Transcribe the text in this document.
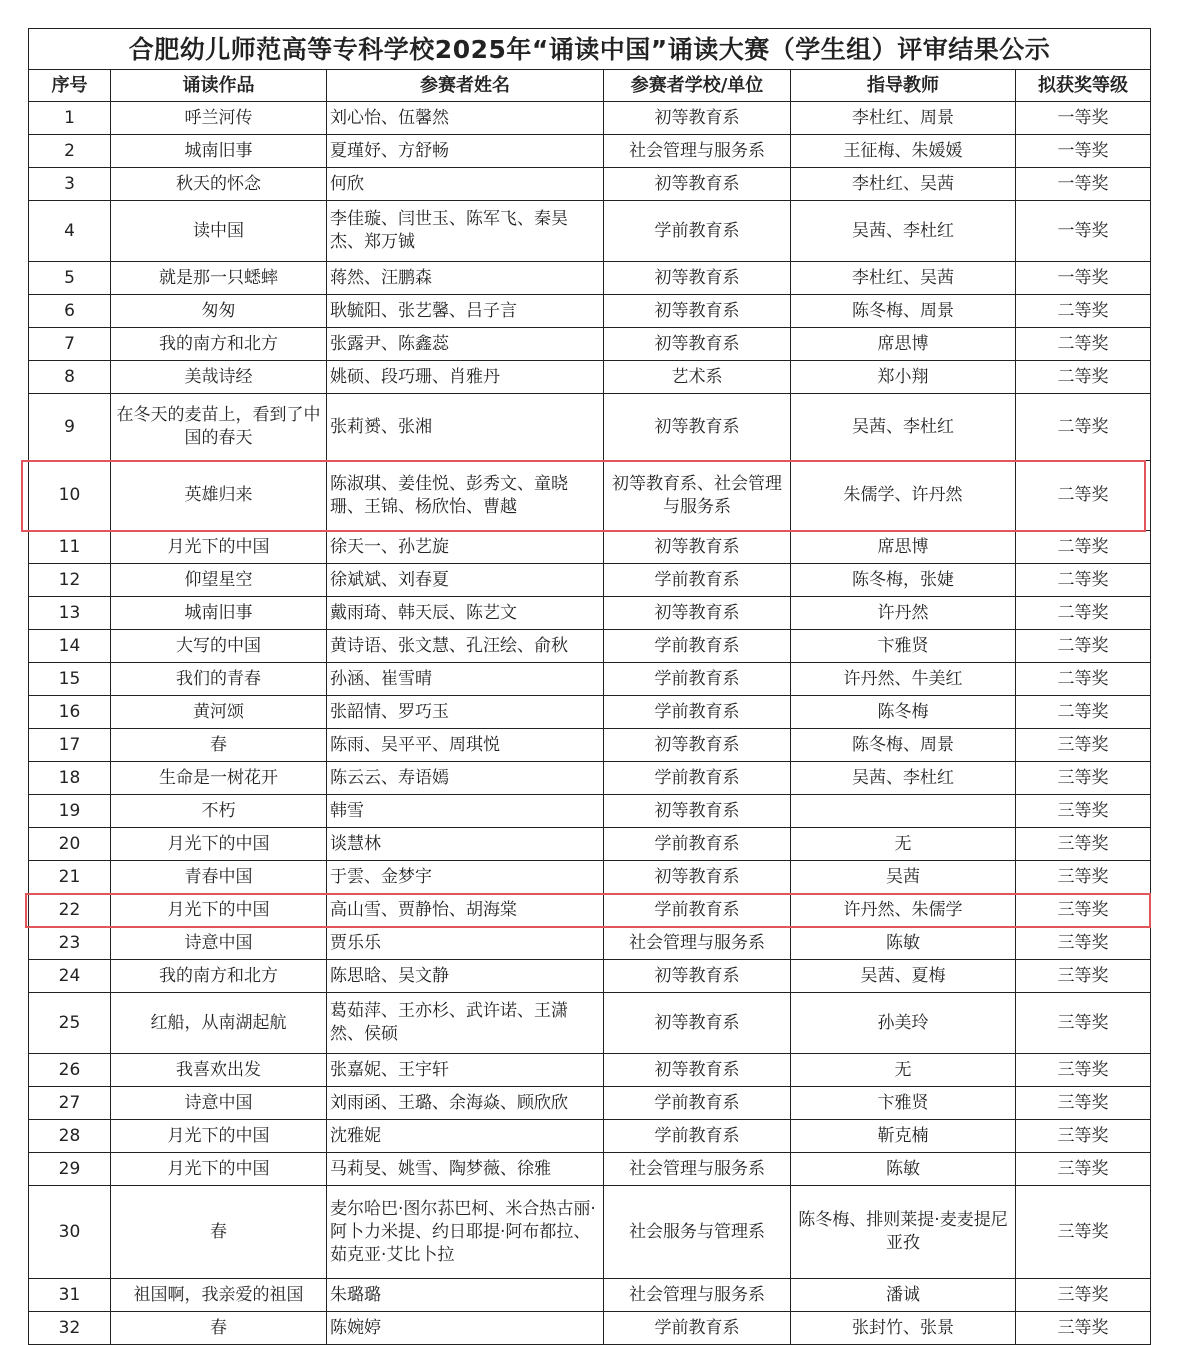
合肥幼儿师范高等专科学校2025年“诵读中国”诵读大赛（学生组）评审结果公示					
序号	诵读作品	参赛者姓名	参赛者学校/单位	指导教师	拟获奖等级
1	呼兰河传	刘心怡、伍馨然	初等教育系	李杜红、周景	一等奖
2	城南旧事	夏瑾妤、方舒畅	社会管理与服务系	王征梅、朱媛媛	一等奖
3	秋天的怀念	何欣	初等教育系	李杜红、吴茜	一等奖
4	读中国	李佳璇、闫世玉、陈军飞、秦昊杰、郑万铖	学前教育系	吴茜、李杜红	一等奖
5	就是那一只蟋蟀	蒋然、汪鹏森	初等教育系	李杜红、吴茜	一等奖
6	匆匆	耿毓阳、张艺馨、吕子言	初等教育系	陈冬梅、周景	二等奖
7	我的南方和北方	张露尹、陈鑫蕊	初等教育系	席思博	二等奖
8	美哉诗经	姚硕、段巧珊、肖雅丹	艺术系	郑小翔	二等奖
9	在冬天的麦苗上，看到了中国的春天	张莉赟、张湘	初等教育系	吴茜、李杜红	二等奖
10	英雄归来	陈淑琪、姜佳悦、彭秀文、童晓珊、王锦、杨欣怡、曹越	初等教育系、社会管理与服务系	朱儒学、许丹然	二等奖
11	月光下的中国	徐天一、孙艺旋	初等教育系	席思博	二等奖
12	仰望星空	徐斌斌、刘春夏	学前教育系	陈冬梅，张婕	二等奖
13	城南旧事	戴雨琦、韩天辰、陈艺文	初等教育系	许丹然	二等奖
14	大写的中国	黄诗语、张文慧、孔汪绘、俞秋	学前教育系	卞雅贤	二等奖
15	我们的青春	孙涵、崔雪晴	学前教育系	许丹然、牛美红	二等奖
16	黄河颂	张韶情、罗巧玉	学前教育系	陈冬梅	二等奖
17	春	陈雨、吴平平、周琪悦	初等教育系	陈冬梅、周景	三等奖
18	生命是一树花开	陈云云、寿语嫣	学前教育系	吴茜、李杜红	三等奖
19	不朽	韩雪	初等教育系		三等奖
20	月光下的中国	谈慧林	学前教育系	无	三等奖
21	青春中国	于雲、金梦宇	初等教育系	吴茜	三等奖
22	月光下的中国	高山雪、贾静怡、胡海棠	学前教育系	许丹然、朱儒学	三等奖
23	诗意中国	贾乐乐	社会管理与服务系	陈敏	三等奖
24	我的南方和北方	陈思晗、吴文静	初等教育系	吴茜、夏梅	三等奖
25	红船，从南湖起航	葛茹萍、王亦杉、武许诺、王潇然、侯硕	初等教育系	孙美玲	三等奖
26	我喜欢出发	张嘉妮、王宇轩	初等教育系	无	三等奖
27	诗意中国	刘雨函、王璐、余海焱、顾欣欣	学前教育系	卞雅贤	三等奖
28	月光下的中国	沈雅妮	学前教育系	靳克楠	三等奖
29	月光下的中国	马莉旻、姚雪、陶梦薇、徐雅	社会管理与服务系	陈敏	三等奖
30	春	麦尔哈巴·图尔荪巴柯、米合热古丽·阿卜力米提、约日耶提·阿布都拉、茹克亚·艾比卜拉	社会服务与管理系	陈冬梅、排则莱提·麦麦提尼亚孜	三等奖
31	祖国啊，我亲爱的祖国	朱璐璐	社会管理与服务系	潘诚	三等奖
32	春	陈婉婷	学前教育系	张封竹、张景	三等奖
